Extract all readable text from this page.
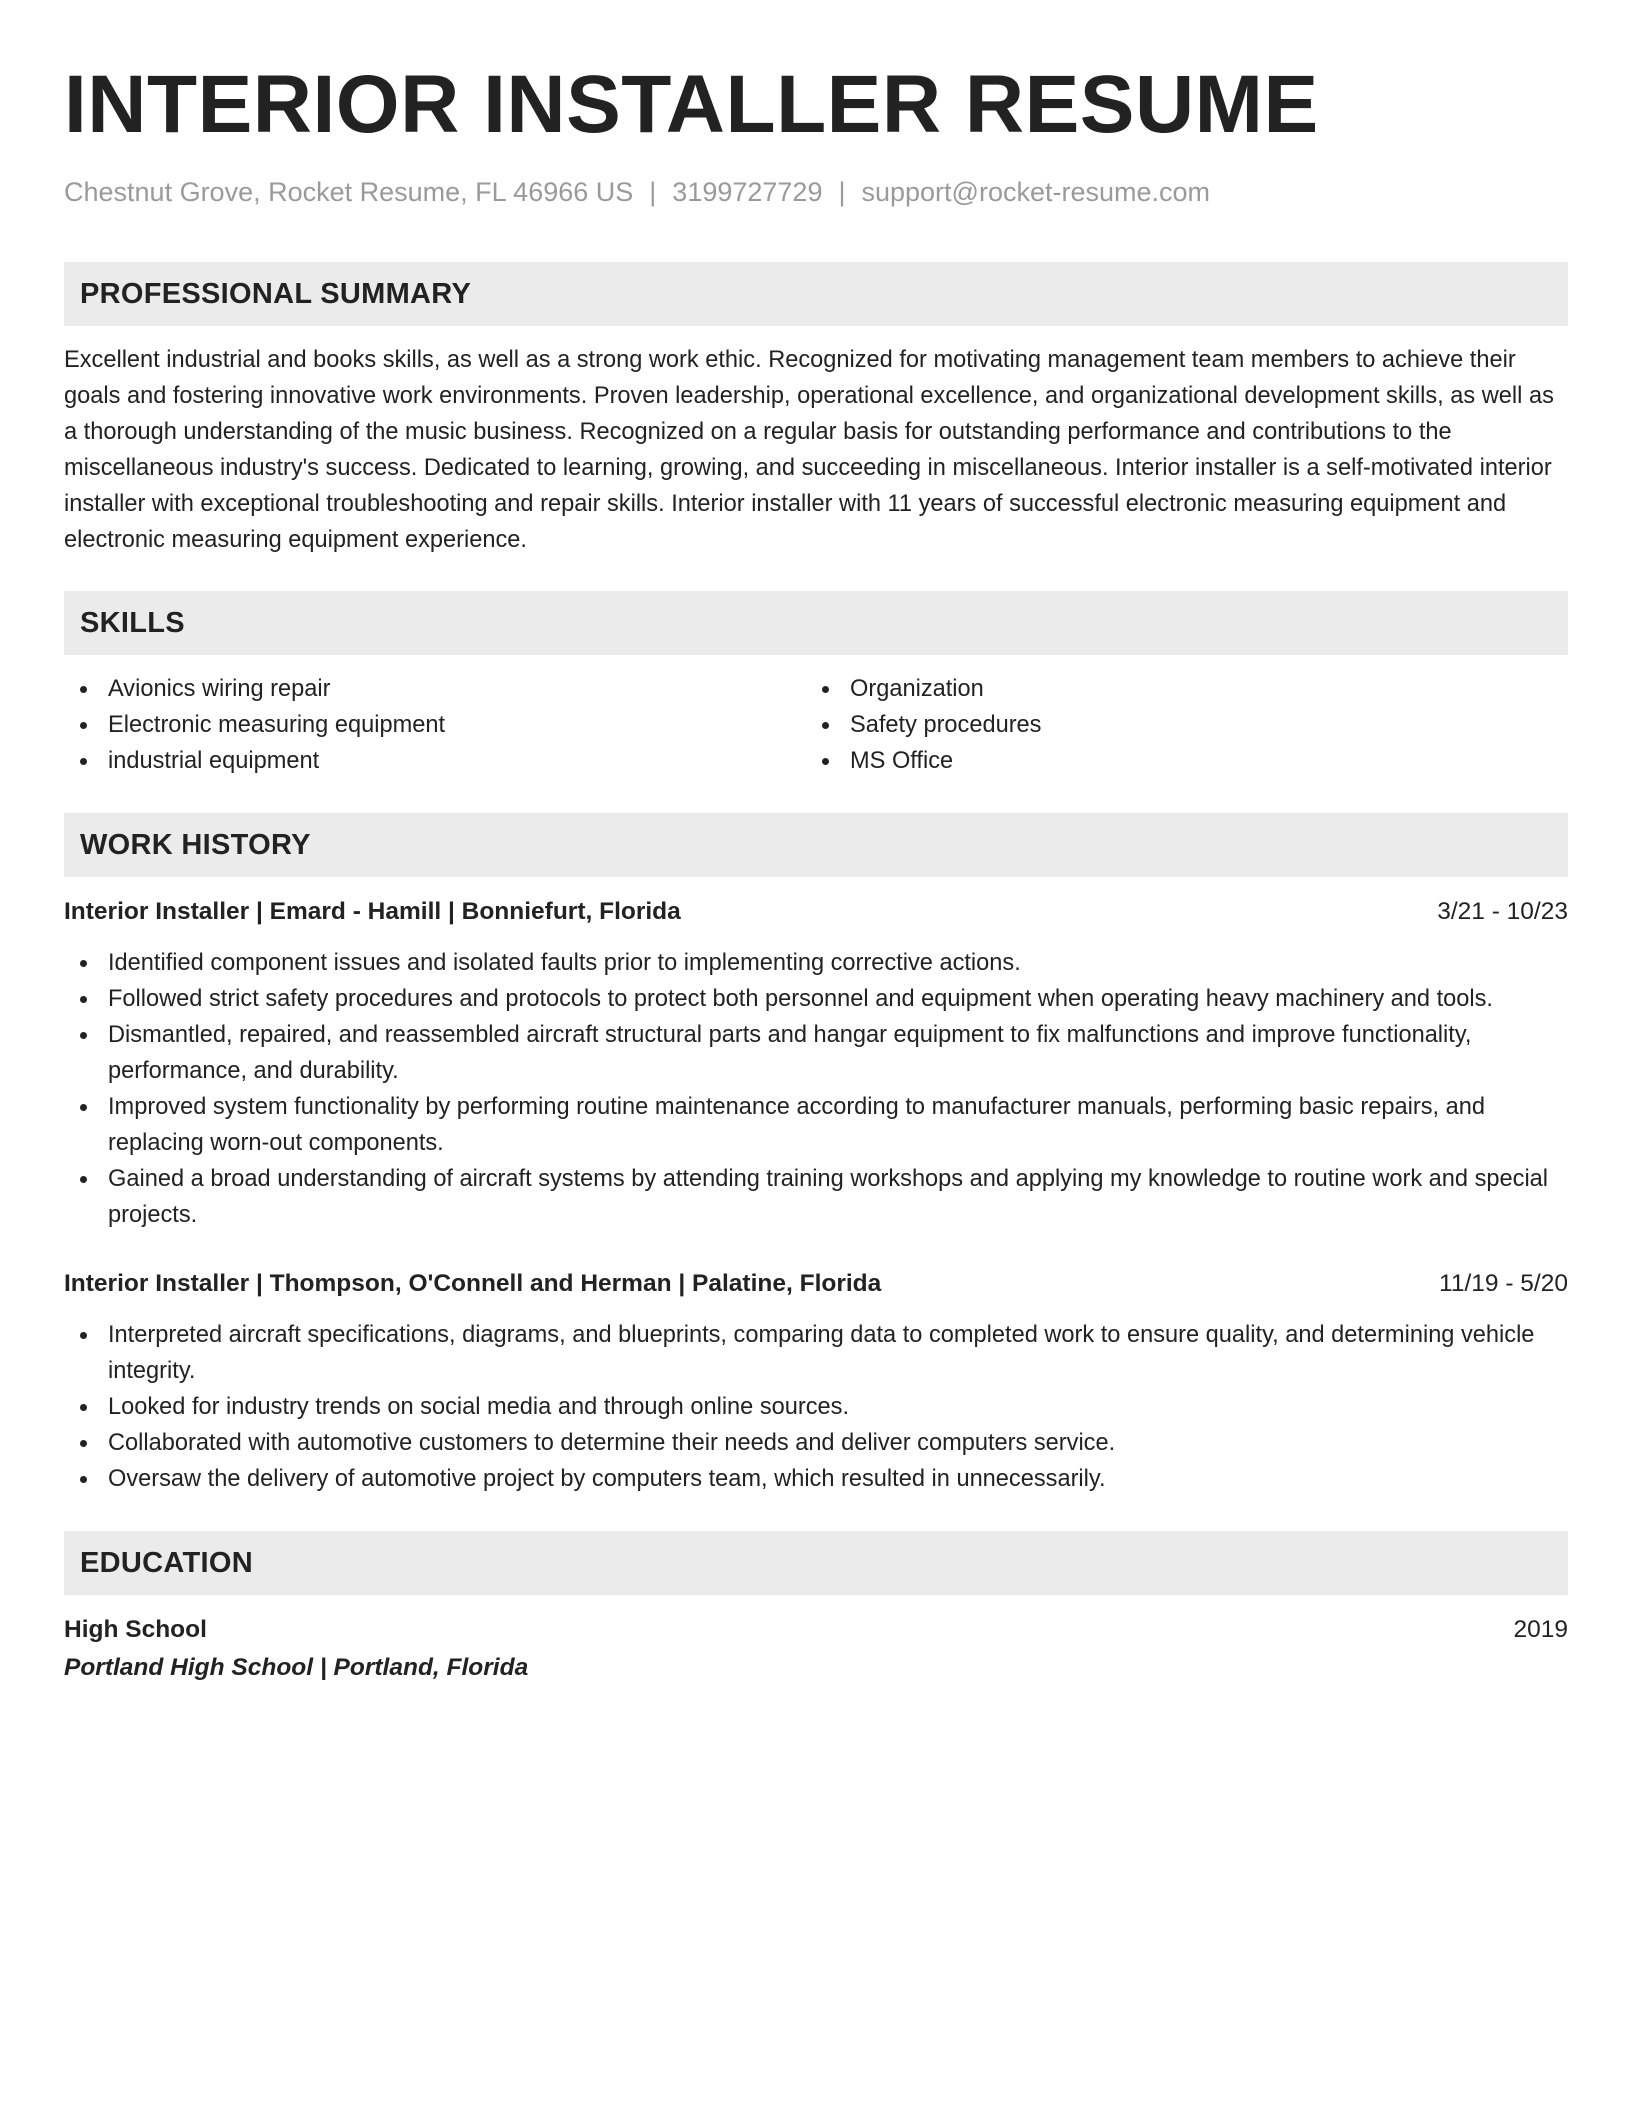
INTERIOR INSTALLER RESUME
Chestnut Grove, Rocket Resume, FL 46966 US | 3199727729 | support@rocket-resume.com
PROFESSIONAL SUMMARY
Excellent industrial and books skills, as well as a strong work ethic. Recognized for motivating management team members to achieve their goals and fostering innovative work environments. Proven leadership, operational excellence, and organizational development skills, as well as a thorough understanding of the music business. Recognized on a regular basis for outstanding performance and contributions to the miscellaneous industry's success. Dedicated to learning, growing, and succeeding in miscellaneous. Interior installer is a self-motivated interior installer with exceptional troubleshooting and repair skills. Interior installer with 11 years of successful electronic measuring equipment and electronic measuring equipment experience.
SKILLS
Avionics wiring repair
Electronic measuring equipment
industrial equipment
Organization
Safety procedures
MS Office
WORK HISTORY
Interior Installer | Emard - Hamill | Bonniefurt, Florida	3/21 - 10/23
Identified component issues and isolated faults prior to implementing corrective actions.
Followed strict safety procedures and protocols to protect both personnel and equipment when operating heavy machinery and tools.
Dismantled, repaired, and reassembled aircraft structural parts and hangar equipment to fix malfunctions and improve functionality, performance, and durability.
Improved system functionality by performing routine maintenance according to manufacturer manuals, performing basic repairs, and replacing worn-out components.
Gained a broad understanding of aircraft systems by attending training workshops and applying my knowledge to routine work and special projects.
Interior Installer | Thompson, O'Connell and Herman | Palatine, Florida	11/19 - 5/20
Interpreted aircraft specifications, diagrams, and blueprints, comparing data to completed work to ensure quality, and determining vehicle integrity.
Looked for industry trends on social media and through online sources.
Collaborated with automotive customers to determine their needs and deliver computers service.
Oversaw the delivery of automotive project by computers team, which resulted in unnecessarily.
EDUCATION
High School	2019
Portland High School | Portland, Florida
